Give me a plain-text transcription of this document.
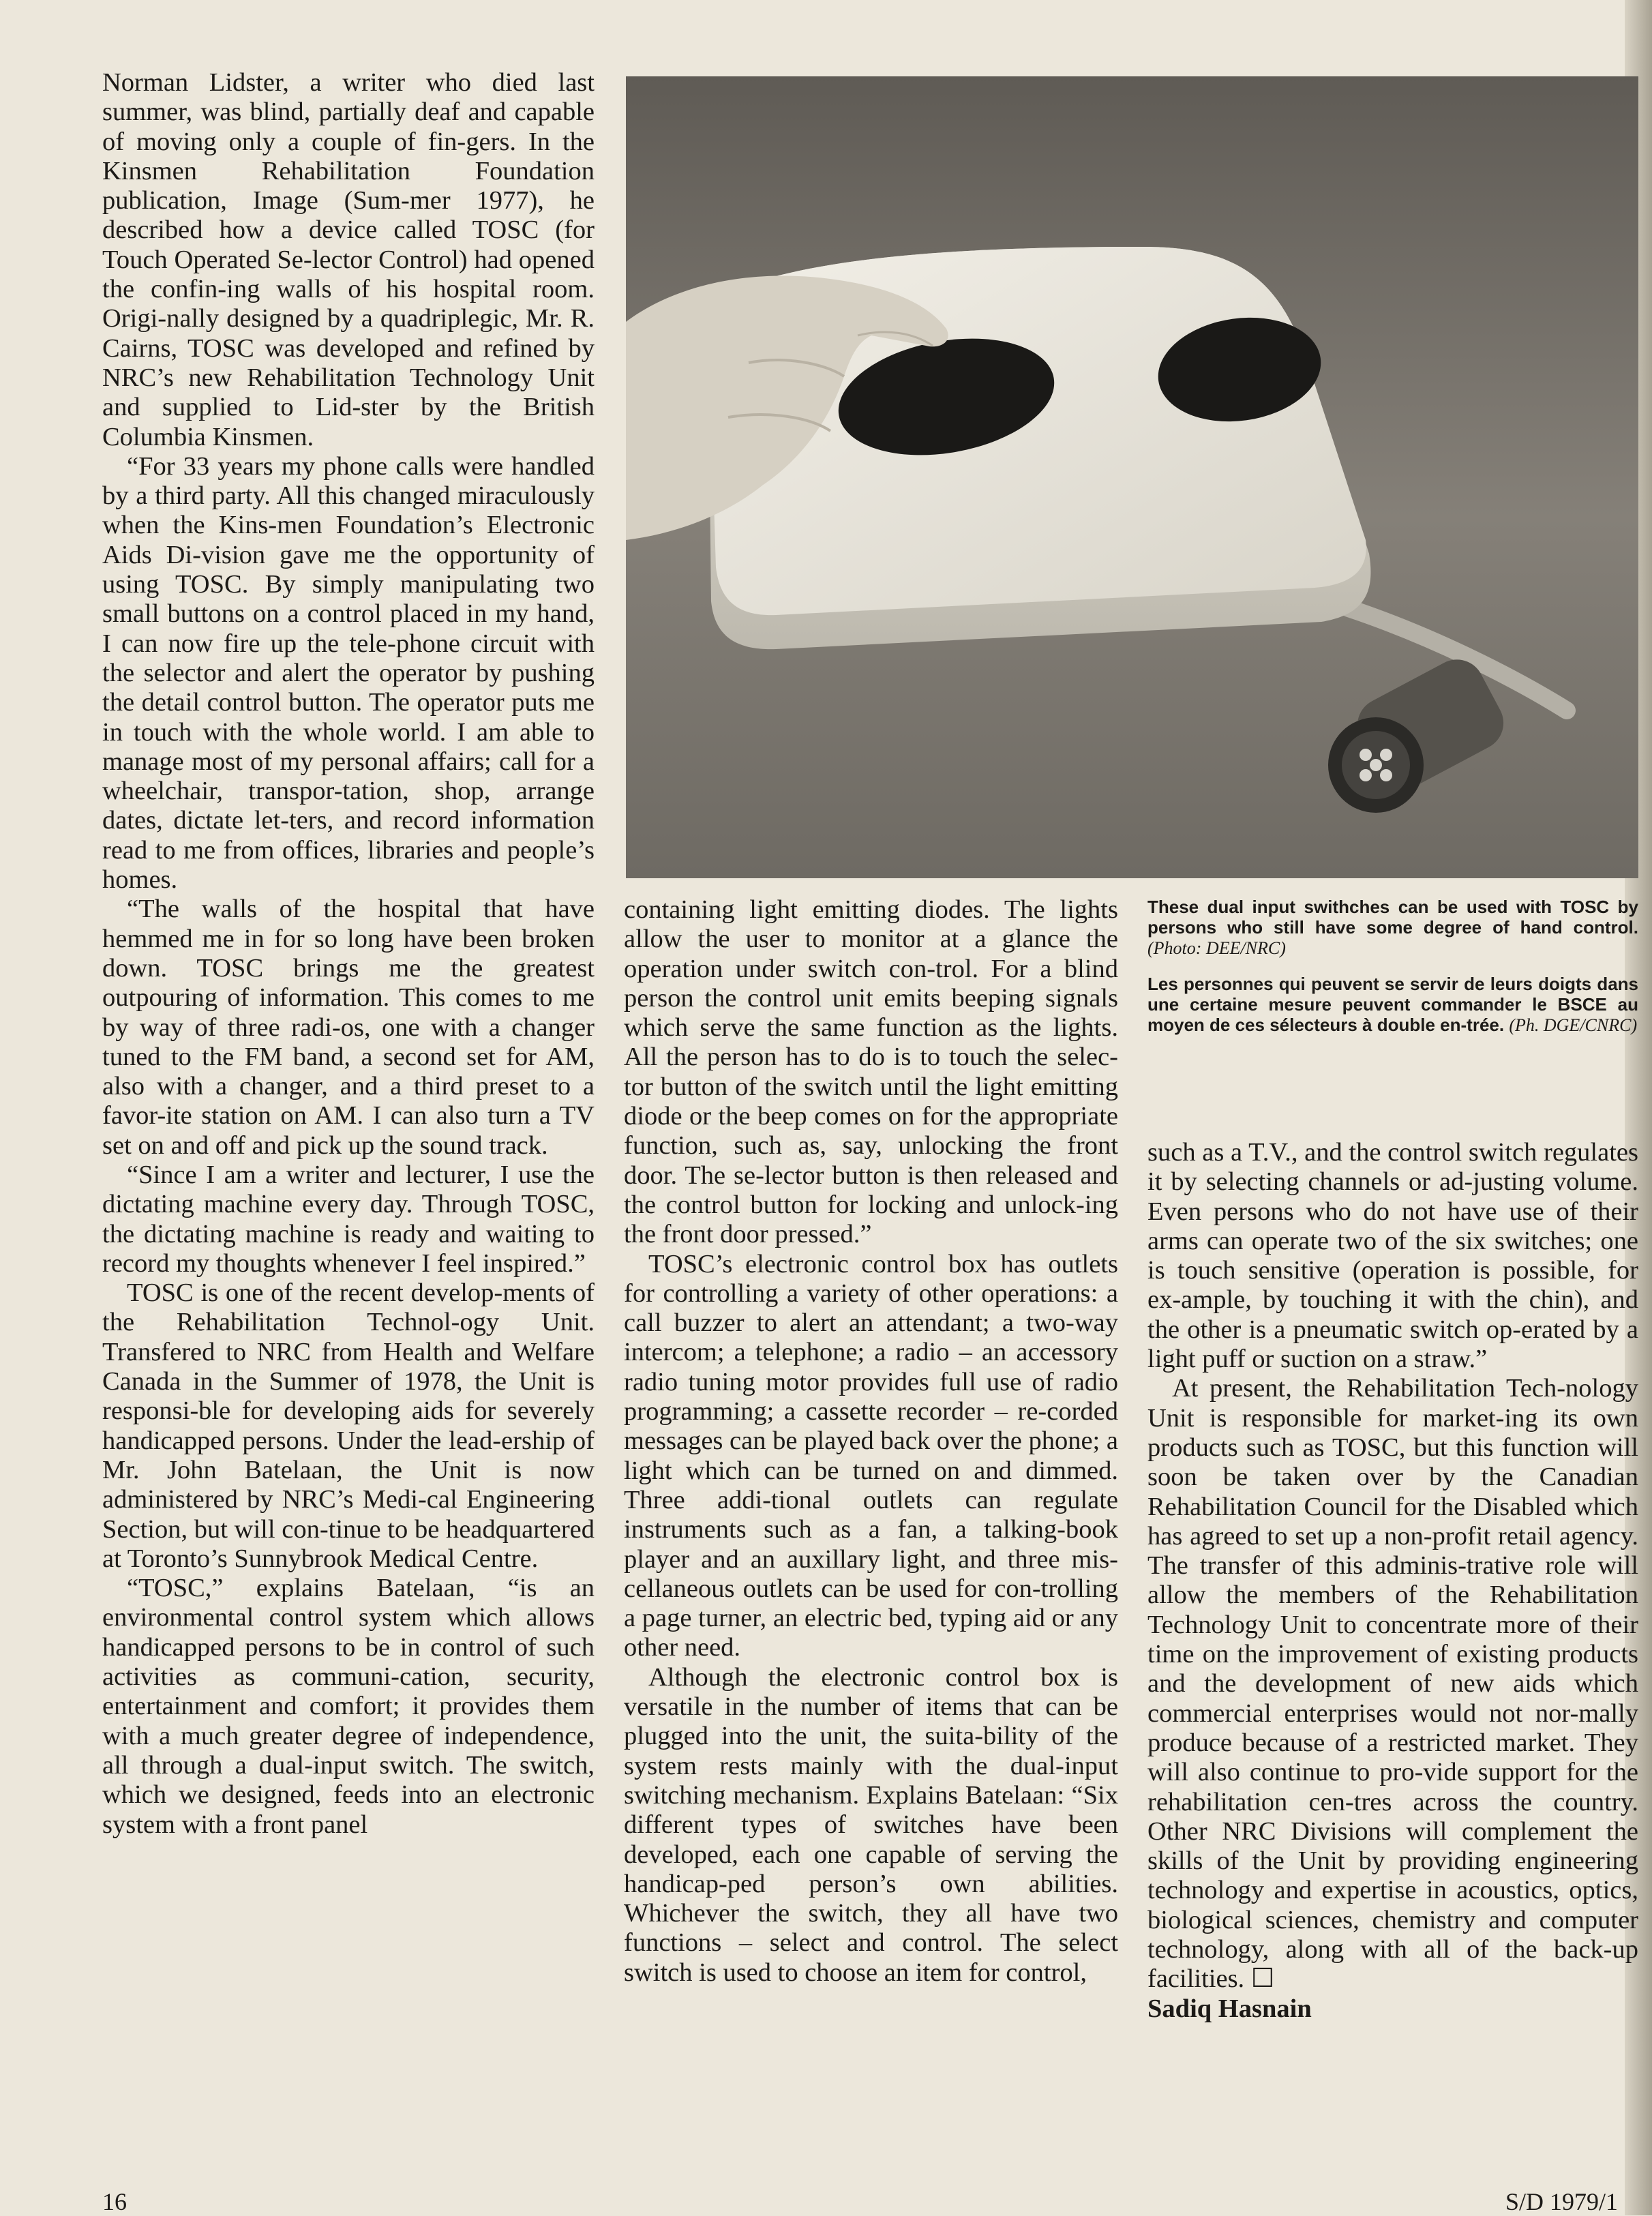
Norman Lidster, a writer who died last summer, was blind, partially deaf and capable of moving only a couple of fin-gers. In the Kinsmen Rehabilitation Foundation publication, Image (Sum-mer 1977), he described how a device called TOSC (for Touch Operated Se-lector Control) had opened the confin-ing walls of his hospital room. Origi-nally designed by a quadriplegic, Mr. R. Cairns, TOSC was developed and refined by NRC’s new Rehabilitation Technology Unit and supplied to Lid-ster by the British Columbia Kinsmen.

“For 33 years my phone calls were handled by a third party. All this changed miraculously when the Kins-men Foundation’s Electronic Aids Di-vision gave me the opportunity of using TOSC. By simply manipulating two small buttons on a control placed in my hand, I can now fire up the tele-phone circuit with the selector and alert the operator by pushing the detail control button. The operator puts me in touch with the whole world. I am able to manage most of my personal affairs; call for a wheelchair, transpor-tation, shop, arrange dates, dictate let-ters, and record information read to me from offices, libraries and people’s homes.

“The walls of the hospital that have hemmed me in for so long have been broken down. TOSC brings me the greatest outpouring of information. This comes to me by way of three radi-os, one with a changer tuned to the FM band, a second set for AM, also with a changer, and a third preset to a favor-ite station on AM. I can also turn a TV set on and off and pick up the sound track.

“Since I am a writer and lecturer, I use the dictating machine every day. Through TOSC, the dictating machine is ready and waiting to record my thoughts whenever I feel inspired.”

TOSC is one of the recent develop-ments of the Rehabilitation Technol-ogy Unit. Transfered to NRC from Health and Welfare Canada in the Summer of 1978, the Unit is responsi-ble for developing aids for severely handicapped persons. Under the lead-ership of Mr. John Batelaan, the Unit is now administered by NRC’s Medi-cal Engineering Section, but will con-tinue to be headquartered at Toronto’s Sunnybrook Medical Centre.

“TOSC,” explains Batelaan, “is an environmental control system which allows handicapped persons to be in control of such activities as communi-cation, security, entertainment and comfort; it provides them with a much greater degree of independence, all through a dual-input switch. The switch, which we designed, feeds into an electronic system with a front panel

containing light emitting diodes. The lights allow the user to monitor at a glance the operation under switch con-trol. For a blind person the control unit emits beeping signals which serve the same function as the lights. All the person has to do is to touch the selec-tor button of the switch until the light emitting diode or the beep comes on for the appropriate function, such as, say, unlocking the front door. The se-lector button is then released and the control button for locking and unlock-ing the front door pressed.”

TOSC’s electronic control box has outlets for controlling a variety of other operations: a call buzzer to alert an attendant; a two-way intercom; a telephone; a radio – an accessory radio tuning motor provides full use of radio programming; a cassette recorder – re-corded messages can be played back over the phone; a light which can be turned on and dimmed. Three addi-tional outlets can regulate instruments such as a fan, a talking-book player and an auxillary light, and three mis-cellaneous outlets can be used for con-trolling a page turner, an electric bed, typing aid or any other need.

Although the electronic control box is versatile in the number of items that can be plugged into the unit, the suita-bility of the system rests mainly with the dual-input switching mechanism. Explains Batelaan: “Six different types of switches have been developed, each one capable of serving the handicap-ped person’s own abilities. Whichever the switch, they all have two functions – select and control. The select switch is used to choose an item for control,

These dual input swithches can be used with TOSC by persons who still have some degree of hand control. (Photo: DEE/NRC)
Les personnes qui peuvent se servir de leurs doigts dans une certaine mesure peuvent commander le BSCE au moyen de ces sélecteurs à double en-trée. (Ph. DGE/CNRC)

such as a T.V., and the control switch regulates it by selecting channels or ad-justing volume. Even persons who do not have use of their arms can operate two of the six switches; one is touch sensitive (operation is possible, for ex-ample, by touching it with the chin), and the other is a pneumatic switch op-erated by a light puff or suction on a straw.”

At present, the Rehabilitation Tech-nology Unit is responsible for market-ing its own products such as TOSC, but this function will soon be taken over by the Canadian Rehabilitation Council for the Disabled which has agreed to set up a non-profit retail agency. The transfer of this adminis-trative role will allow the members of the Rehabilitation Technology Unit to concentrate more of their time on the improvement of existing products and the development of new aids which commercial enterprises would not nor-mally produce because of a restricted market. They will also continue to pro-vide support for the rehabilitation cen-tres across the country. Other NRC Divisions will complement the skills of the Unit by providing engineering technology and expertise in acoustics, optics, biological sciences, chemistry and computer technology, along with all of the back-up facilities. ☐

Sadiq Hasnain

16	S/D 1979/1
